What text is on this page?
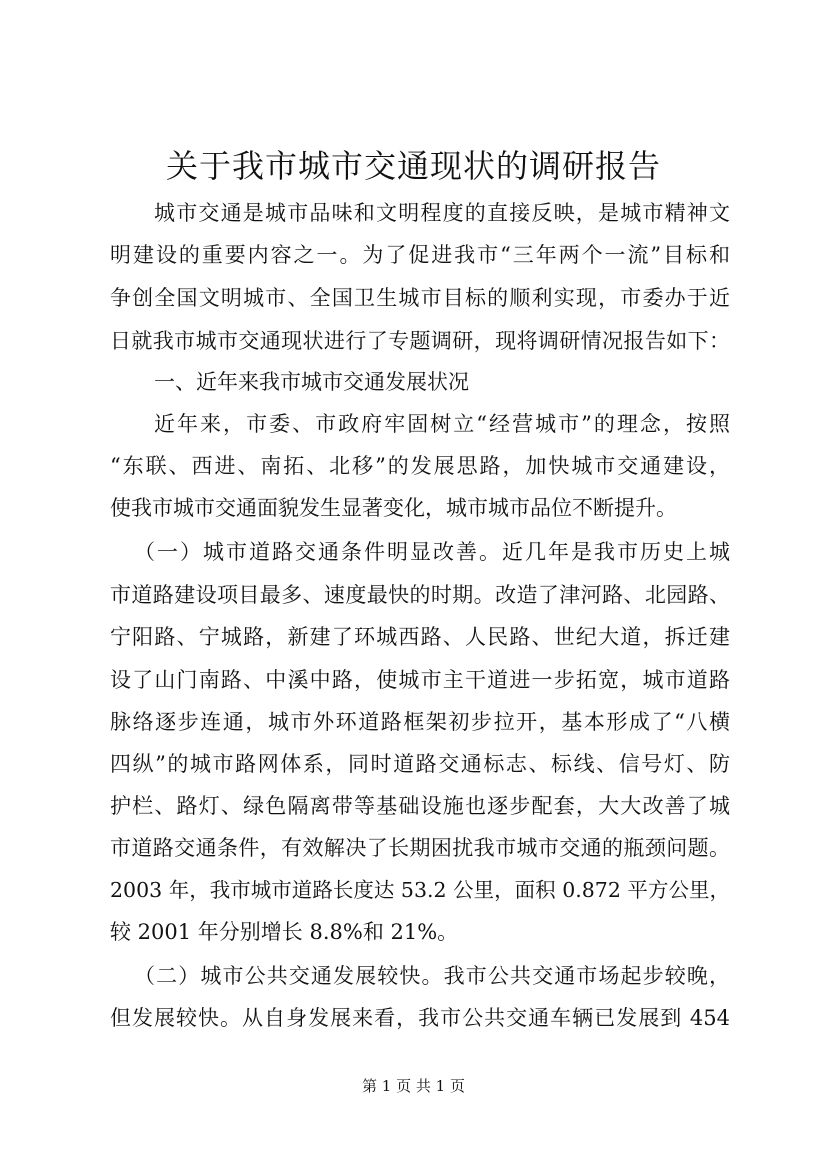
关于我市城市交通现状的调研报告
城市交通是城市品味和文明程度的直接反映，是城市精神文
明建设的重要内容之一。为了促进我市“三年两个一流”目标和
争创全国文明城市、全国卫生城市目标的顺利实现，市委办于近
日就我市城市交通现状进行了专题调研，现将调研情况报告如下：
一、近年来我市城市交通发展状况
近年来，市委、市政府牢固树立“经营城市”的理念，按照
“东联、西进、南拓、北移”的发展思路，加快城市交通建设，
使我市城市交通面貌发生显著变化，城市城市品位不断提升。
（一）城市道路交通条件明显改善。近几年是我市历史上城
市道路建设项目最多、速度最快的时期。改造了津河路、北园路、
宁阳路、宁城路，新建了环城西路、人民路、世纪大道，拆迁建
设了山门南路、中溪中路，使城市主干道进一步拓宽，城市道路
脉络逐步连通，城市外环道路框架初步拉开，基本形成了“八横
四纵”的城市路网体系，同时道路交通标志、标线、信号灯、防
护栏、路灯、绿色隔离带等基础设施也逐步配套，大大改善了城
市道路交通条件，有效解决了长期困扰我市城市交通的瓶颈问题。
2003 年，我市城市道路长度达 53.2 公里，面积 0.872 平方公里，
较 2001 年分别增长 8.8%和 21%。
（二）城市公共交通发展较快。我市公共交通市场起步较晚，
但发展较快。从自身发展来看，我市公共交通车辆已发展到 454
第 1 页 共 1 页
